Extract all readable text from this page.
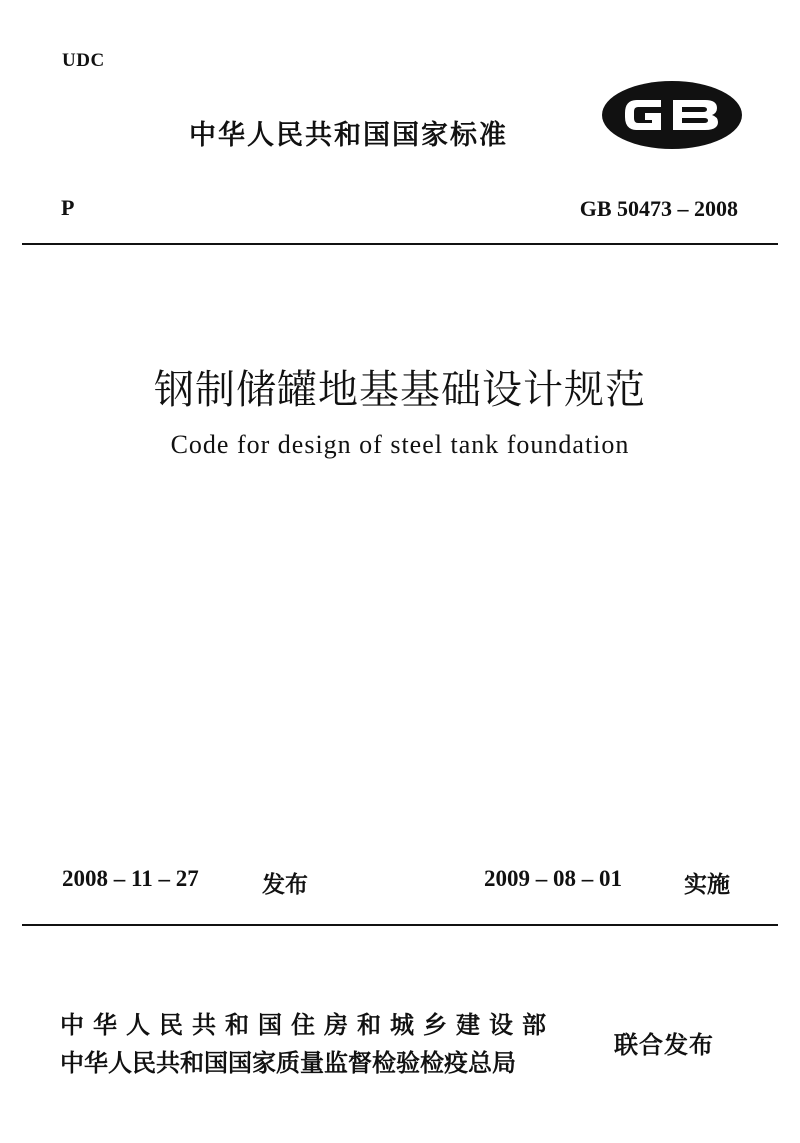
UDC
中华人民共和国国家标准
P	GB 50473 – 2008
钢制储罐地基基础设计规范
Code for design of steel tank foundation
2008 – 11 – 27	发布	2009 – 08 – 01	实施
中华人民共和国住房和城乡建设部
中华人民共和国国家质量监督检验检疫总局
联合发布
